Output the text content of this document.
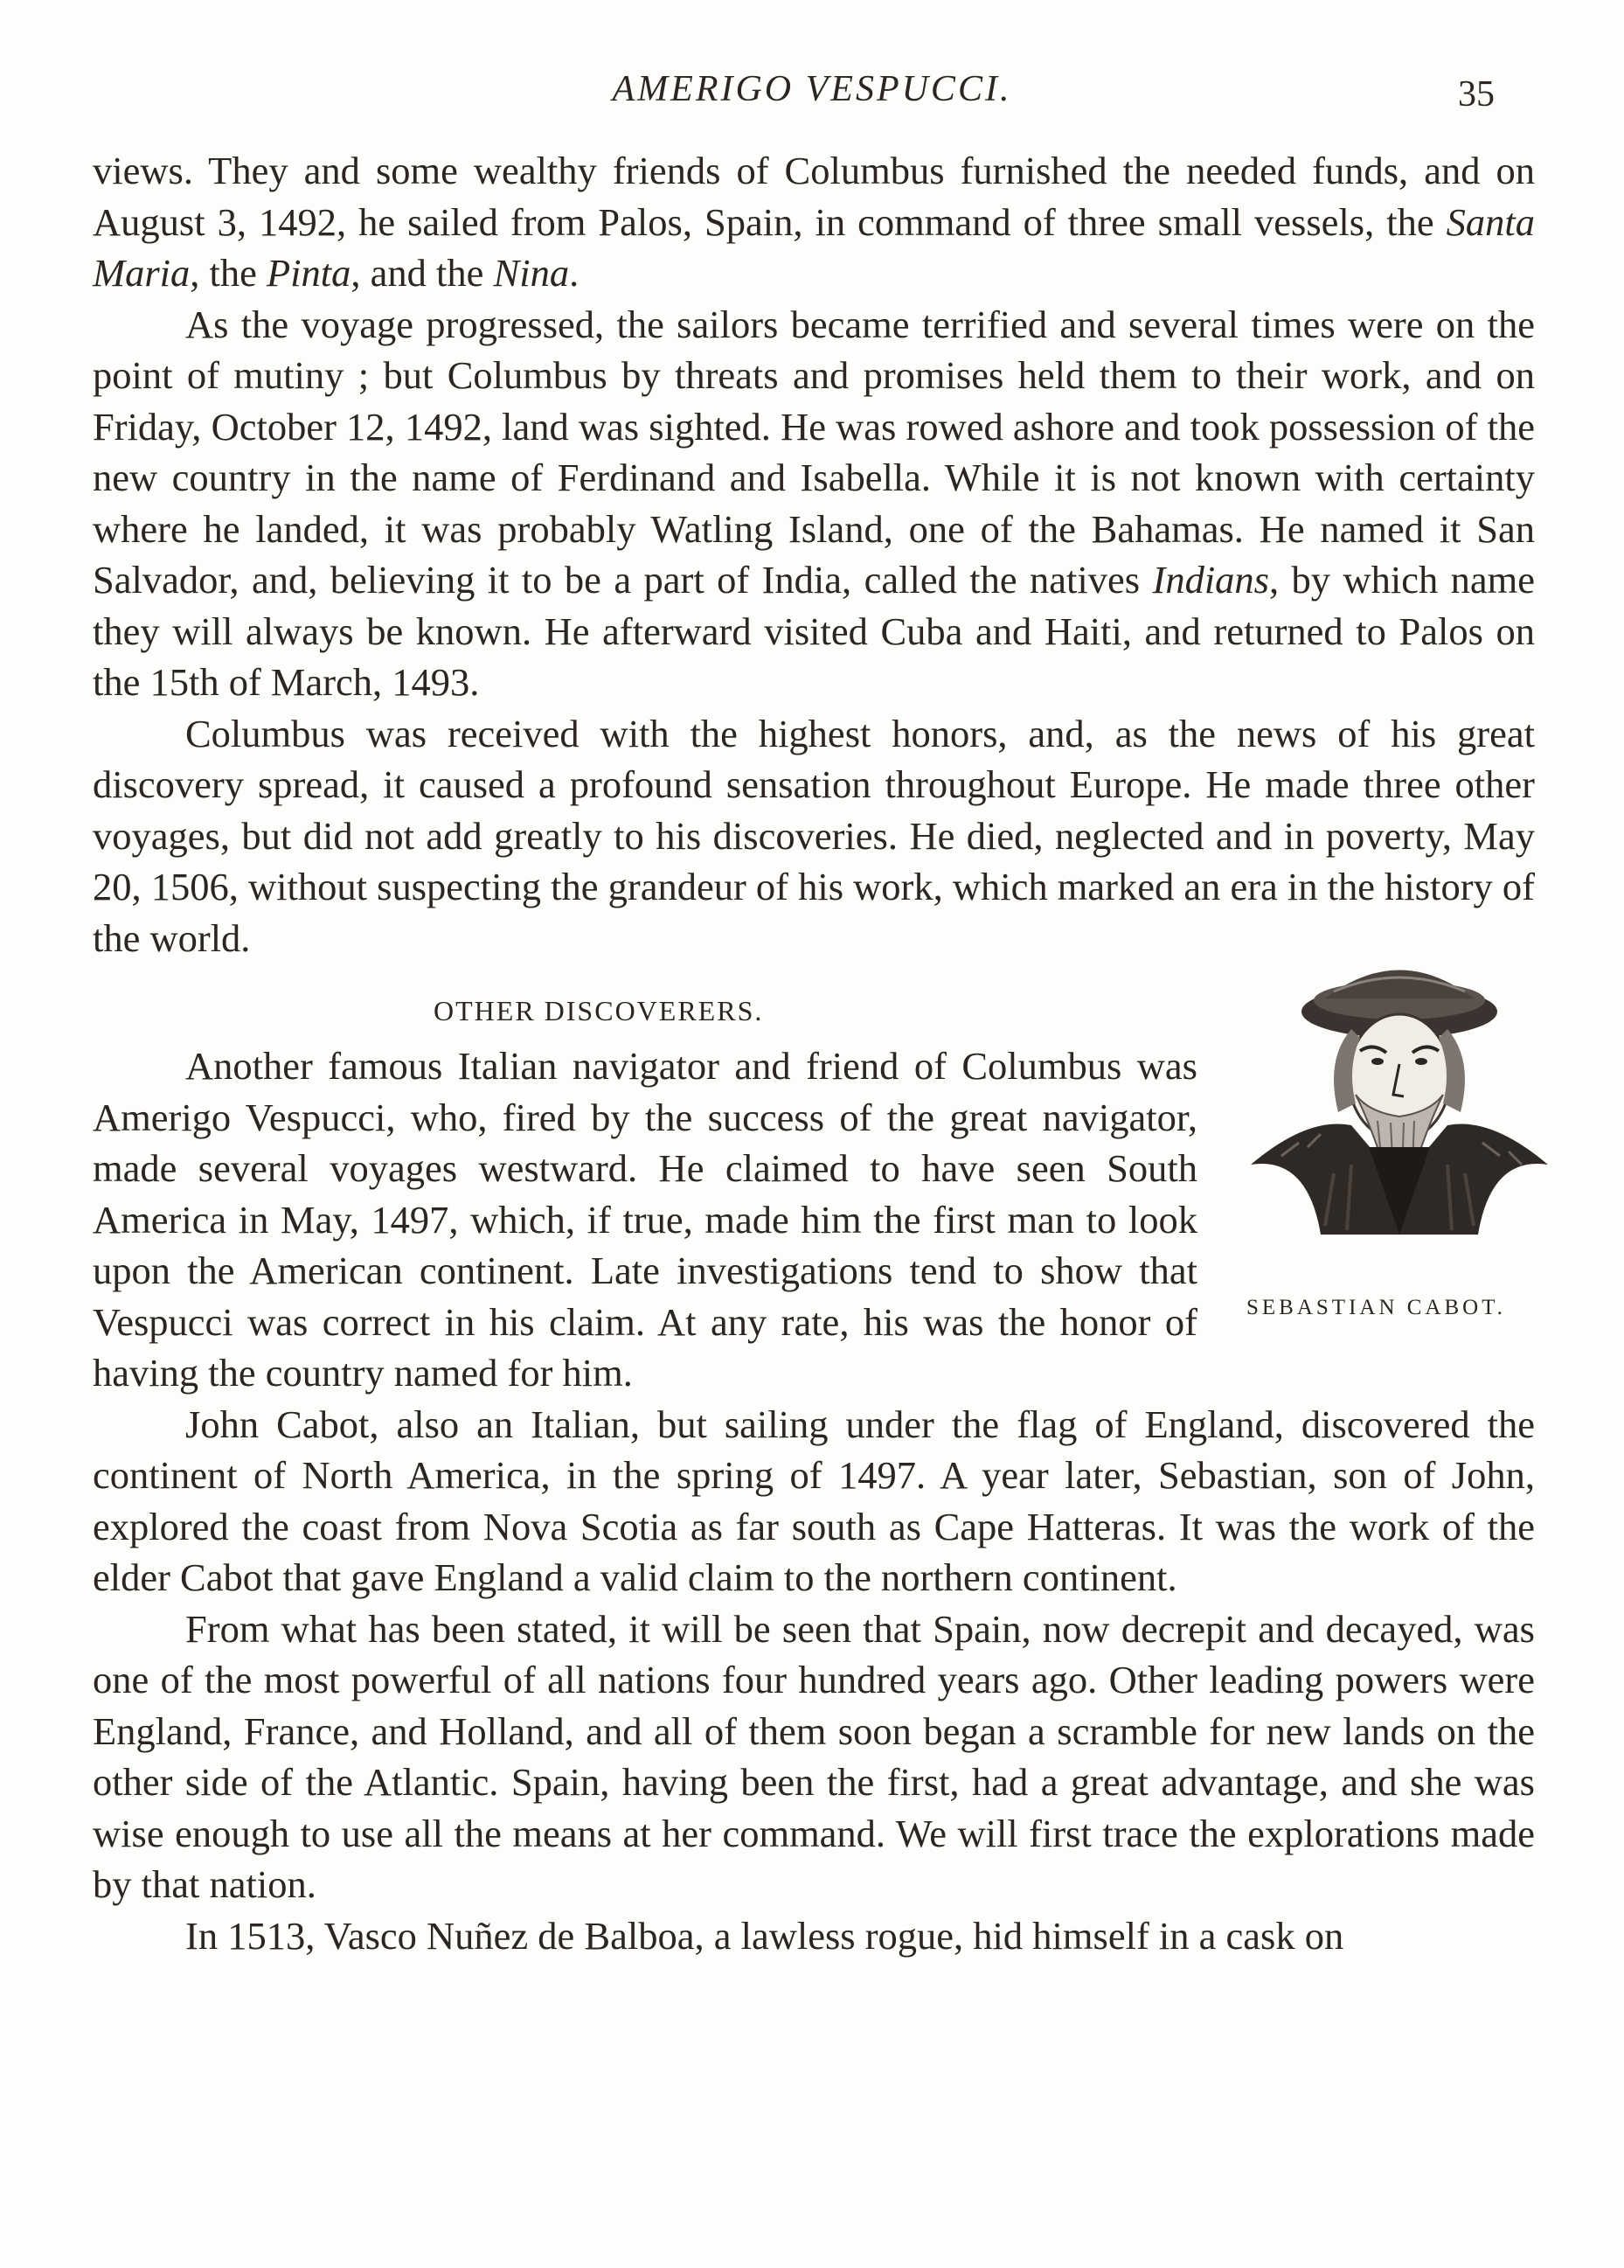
AMERIGO VESPUCCI.	35

views. They and some wealthy friends of Columbus furnished the needed funds, and on August 3, 1492, he sailed from Palos, Spain, in command of three small vessels, the Santa Maria, the Pinta, and the Nina.

As the voyage progressed, the sailors became terrified and several times were on the point of mutiny ; but Columbus by threats and promises held them to their work, and on Friday, October 12, 1492, land was sighted. He was rowed ashore and took possession of the new country in the name of Ferdinand and Isabella. While it is not known with certainty where he landed, it was probably Watling Island, one of the Bahamas. He named it San Salvador, and, believing it to be a part of India, called the natives Indians, by which name they will always be known. He afterward visited Cuba and Haiti, and returned to Palos on the 15th of March, 1493.

Columbus was received with the highest honors, and, as the news of his great discovery spread, it caused a profound sensation throughout Europe. He made three other voyages, but did not add greatly to his discoveries. He died, neglected and in poverty, May 20, 1506, without suspecting the grandeur of his work, which marked an era in the history of the world.

SEBASTIAN CABOT.
OTHER DISCOVERERS.

Another famous Italian navigator and friend of Columbus was Amerigo Vespucci, who, fired by the success of the great navigator, made several voyages westward. He claimed to have seen South America in May, 1497, which, if true, made him the first man to look upon the American continent. Late investigations tend to show that Vespucci was correct in his claim. At any rate, his was the honor of having the country named for him.

John Cabot, also an Italian, but sailing under the flag of England, discovered the continent of North America, in the spring of 1497. A year later, Sebastian, son of John, explored the coast from Nova Scotia as far south as Cape Hatteras. It was the work of the elder Cabot that gave England a valid claim to the northern continent.

From what has been stated, it will be seen that Spain, now decrepit and decayed, was one of the most powerful of all nations four hundred years ago. Other leading powers were England, France, and Holland, and all of them soon began a scramble for new lands on the other side of the Atlantic. Spain, having been the first, had a great advantage, and she was wise enough to use all the means at her command. We will first trace the explorations made by that nation.

In 1513, Vasco Nuñez de Balboa, a lawless rogue, hid himself in a cask on
